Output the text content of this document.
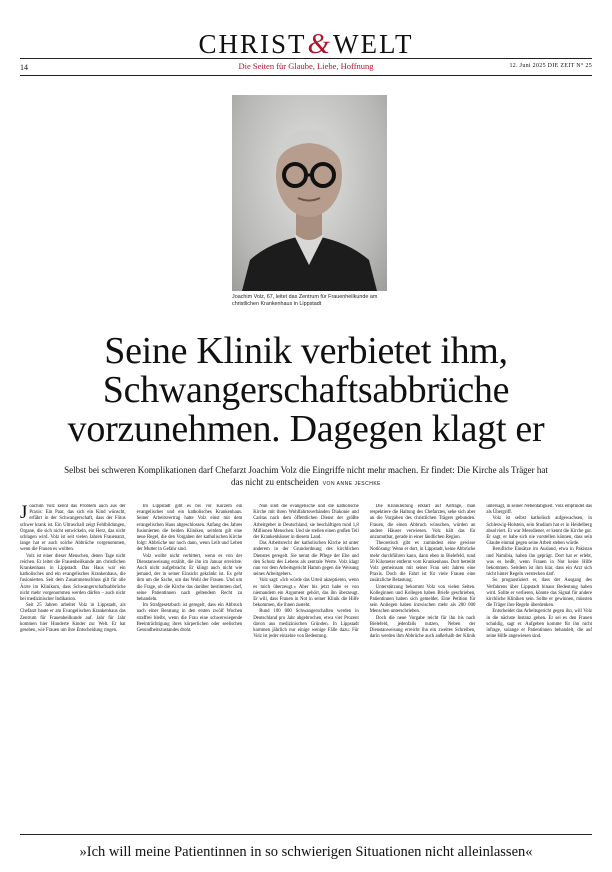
CHRIST&WELT
14	Die Seiten für Glaube, Liebe, Hoffnung	12. Juni 2025 DIE ZEIT N° 25
Joachim Volz, 67, leitet das Zentrum für Frauenheilkunde am christlichen Krankenhaus in Lippstadt
Seine Klinik verbietet ihm,
Schwangerschaftsabbrüche
vorzunehmen. Dagegen klagt er
Selbst bei schweren Komplikationen darf Chefarzt Joachim Volz die Eingriffe nicht mehr machen. Er findet: Die Kirche als Träger hat das nicht zu entscheiden VON ANNE JESCHKE

Joachim Volz kennt das Problem auch aus der Praxis: Ein Paar, das sich ein Kind wünscht, erfährt in der Schwangerschaft, dass der Fötus schwer krank ist. Ein Ultraschall zeigt Fehlbildungen, Organe, die sich nicht entwickeln, ein Herz, das nicht schlagen wird. Volz ist seit vielen Jahren Frauenarzt, lange hat er auch solche Abbrüche vorgenommen, wenn die Frauen es wollten.

Volz ist einer dieser Menschen, denen Tage nicht reichen. Er leitet die Frauenheilkunde am christlichen Krankenhaus in Lippstadt. Das Haus war ein katholisches und ein evangelisches Krankenhaus, die fusionierten. Seit dem Zusammenschluss gilt für alle Ärzte im Klinikum, dass Schwangerschaftsabbrüche nicht mehr vorgenommen werden dürfen – auch nicht bei medizinischer Indikation.

Seit 25 Jahren arbeitet Volz in Lippstadt, als Chefarzt baute er am Evangelischen Krankenhaus das Zentrum für Frauenheilkunde auf. Jahr für Jahr kommen hier Hunderte Kinder zur Welt. Er hat gesehen, wie Frauen um ihre Entscheidung ringen.

Im Lippstadt gibt es bis vor Kurzem ein evangelisches und ein katholisches Krankenhaus. Seiner Arbeitsvertrag hatte Volz einst mit dem evangelischen Haus abgeschlossen. Anfang des Jahres fusionierten die beiden Kliniken, seitdem gilt eine neue Regel, die den Vorgaben der katholischen Kirche folgt: Abbrüche nur noch dann, wenn Leib und Leben der Mutter in Gefahr sind.

Volz wollte nicht verbittert, wenn es von der Dienstanweisung erzählt, die ihn im Januar erreichte. Auch nicht aufgebracht. Er klingt auch nicht wie jemand, der in seiner Einsicht gekränkt ist. Es geht ihm um die Sache, um das Wohl der Frauen. Und um die Frage, ob die Kirche das darüber bestimmen darf, seine Patientinnen nach geltendem Recht zu behandeln.

Im Strafgesetzbuch ist geregelt, dass ein Abbruch nach einer Beratung in den ersten zwölf Wochen straffrei bleibt, wenn die Frau eine schwerwiegende Beeinträchtigung ihres körperlichen oder seelischen Gesundheitszustandes droht.

Nun sind die evangelische und die katholische Kirche mit ihren Wohlfahrtsverbänden Diakonie und Caritas nach dem öffentlichen Dienst der größte Arbeitgeber in Deutschland, sie beschäftigen rund 1,8 Millionen Menschen. Und sie stellen einen großen Teil der Krankenhäuser in diesem Land.

Das Arbeitsrecht der katholischen Kirche ist unter anderem in der Grundordnung des kirchlichen Dienstes geregelt. Sie nennt die Pflege der Ehe und den Schutz des Lebens als zentrale Werte. Volz klagt nun vor dem Arbeitsgericht Hamm gegen die Weisung seines Arbeitgebers.

Volz sagt: »Ich würde das Urteil akzeptieren, wenn es mich überzeugt.« Aber bis jetzt habe er von niemandem ein Argument gehört, das ihn überzeugt. Er will, dass Frauen in Not in seiner Klinik die Hilfe bekommen, die ihnen zusteht.

Rund 100 000 Schwangerschaften werden in Deutschland pro Jahr abgebrochen, etwa vier Prozent davon aus medizinischen Gründen. In Lippstadt kommen jährlich nur einige wenige Fälle dazu. Für Volz ist jeder einzelne von Bedeutung.

Die Klinikleitung erklärt auf Anfrage, man respektiere die Haltung des Chefarztes, sehe sich aber an die Vorgaben des christlichen Trägers gebunden. Frauen, die einen Abbruch wünschen, würden an andere Häuser verwiesen. Volz hält das für unzumutbar, gerade in einer ländlichen Region.

Theoretisch gibt es zumindest eine gewisse Notlösung: Wenn er dort, in Lippstadt, keine Abbrüche mehr durchführen kann, dann eben in Bielefeld, rund 50 Kilometer entfernt vom Krankenhaus. Dort betreibt Volz gemeinsam mit seiner Frau seit Jahren eine Praxis. Doch die Fahrt ist für viele Frauen eine zusätzliche Belastung.

Unterstützung bekommt Volz von vielen Seiten. Kolleginnen und Kollegen haben Briefe geschrieben, Patientinnen haben sich gemeldet. Eine Petition für sein Anliegen haben inzwischen mehr als 200 000 Menschen unterschrieben.

Doch die neue Vorgabe reicht für ihn bis nach Bielefeld, jedenfalls nutzen, Neben der Dienstanweisung erreicht ihn ein zweites Schreiben, darin werden ihm Abbrüche auch außerhalb der Klinik untersagt, in seiner Nebentätigkeit. Volz empfindet das als Übergriff.

Volz ist selbst katholisch aufgewachsen, in Schleswig-Holstein, sein Studium hat er in Heidelberg absolviert. Er war Messdiener, er kennt die Kirche gut. Er sagt, er habe sich nie vorstellen können, dass sein Glaube einmal gegen seine Arbeit stehen würde.

Berufliche Einsätze im Ausland, etwa in Pakistan und Namibia, haben ihn geprägt. Dort hat er erlebt, was es heißt, wenn Frauen in Not keine Hilfe bekommen. Seitdem ist ihm klar, dass ein Arzt sich nicht hinter Regeln verstecken darf.

So prognostiziert er, dass der Ausgang des Verfahrens über Lippstadt hinaus Bedeutung haben wird. Sollte er verlieren, könnte das Signal für andere kirchliche Kliniken sein. Sollte er gewinnen, müssten die Träger ihre Regeln überdenken.

Entscheidet das Arbeitsgericht gegen ihn, will Volz in die nächste Instanz gehen. Er sei es den Frauen schuldig, sagt er. Aufgeben komme für ihn nicht infrage, solange er Patientinnen behandelt, die auf seine Hilfe angewiesen sind.

»Ich will meine Patientinnen in so schwierigen Situationen nicht alleinlassen«
